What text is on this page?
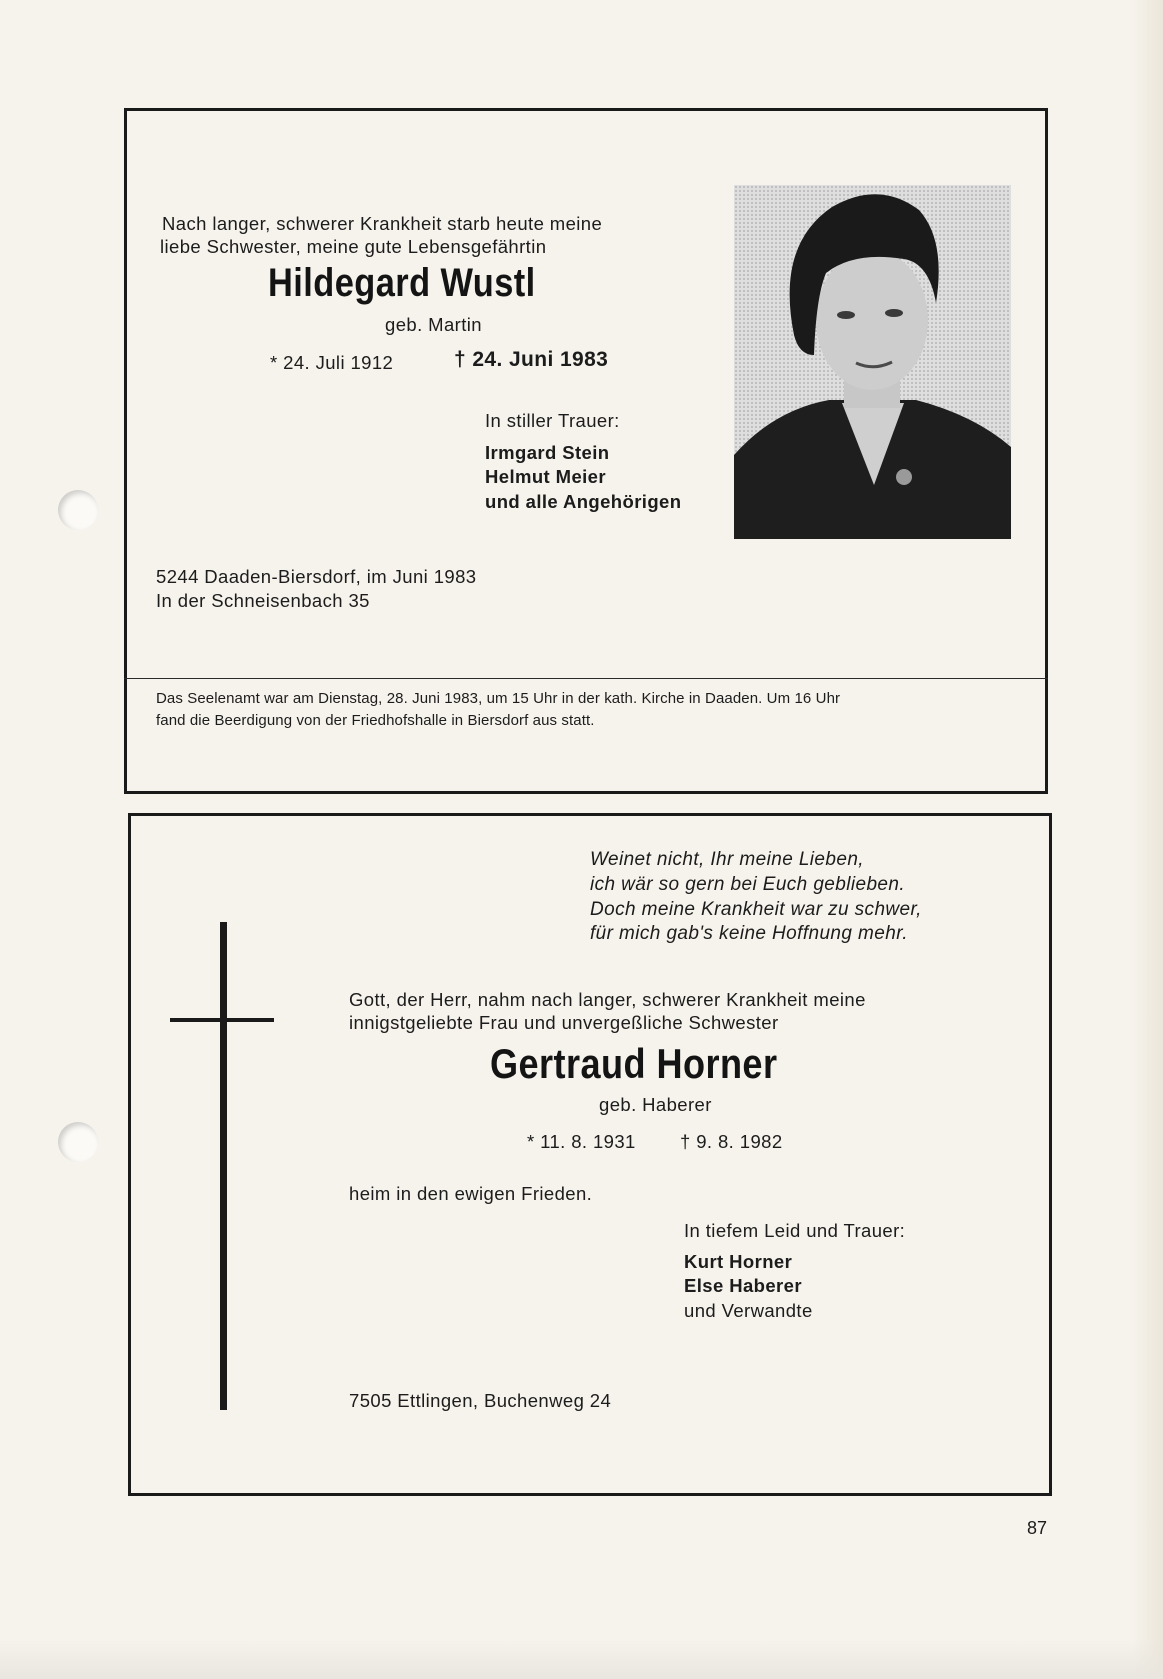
Nach langer, schwerer Krankheit starb heute meine
liebe Schwester, meine gute Lebensgefährtin
Hildegard Wustl
geb. Martin
* 24. Juli 1912	† 24. Juni 1983
In stiller Trauer:
Irmgard Stein
Helmut Meier
und alle Angehörigen
5244 Daaden-Biersdorf, im Juni 1983
In der Schneisenbach 35
Das Seelenamt war am Dienstag, 28. Juni 1983, um 15 Uhr in der kath. Kirche in Daaden. Um 16 Uhr
fand die Beerdigung von der Friedhofshalle in Biersdorf aus statt.
Weinet nicht, Ihr meine Lieben,
ich wär so gern bei Euch geblieben.
Doch meine Krankheit war zu schwer,
für mich gab's keine Hoffnung mehr.
Gott, der Herr, nahm nach langer, schwerer Krankheit meine
innigstgeliebte Frau und unvergeßliche Schwester
Gertraud Horner
geb. Haberer
* 11. 8. 1931 † 9. 8. 1982
heim in den ewigen Frieden.
In tiefem Leid und Trauer:
Kurt Horner
Else Haberer
und Verwandte
7505 Ettlingen, Buchenweg 24
87
